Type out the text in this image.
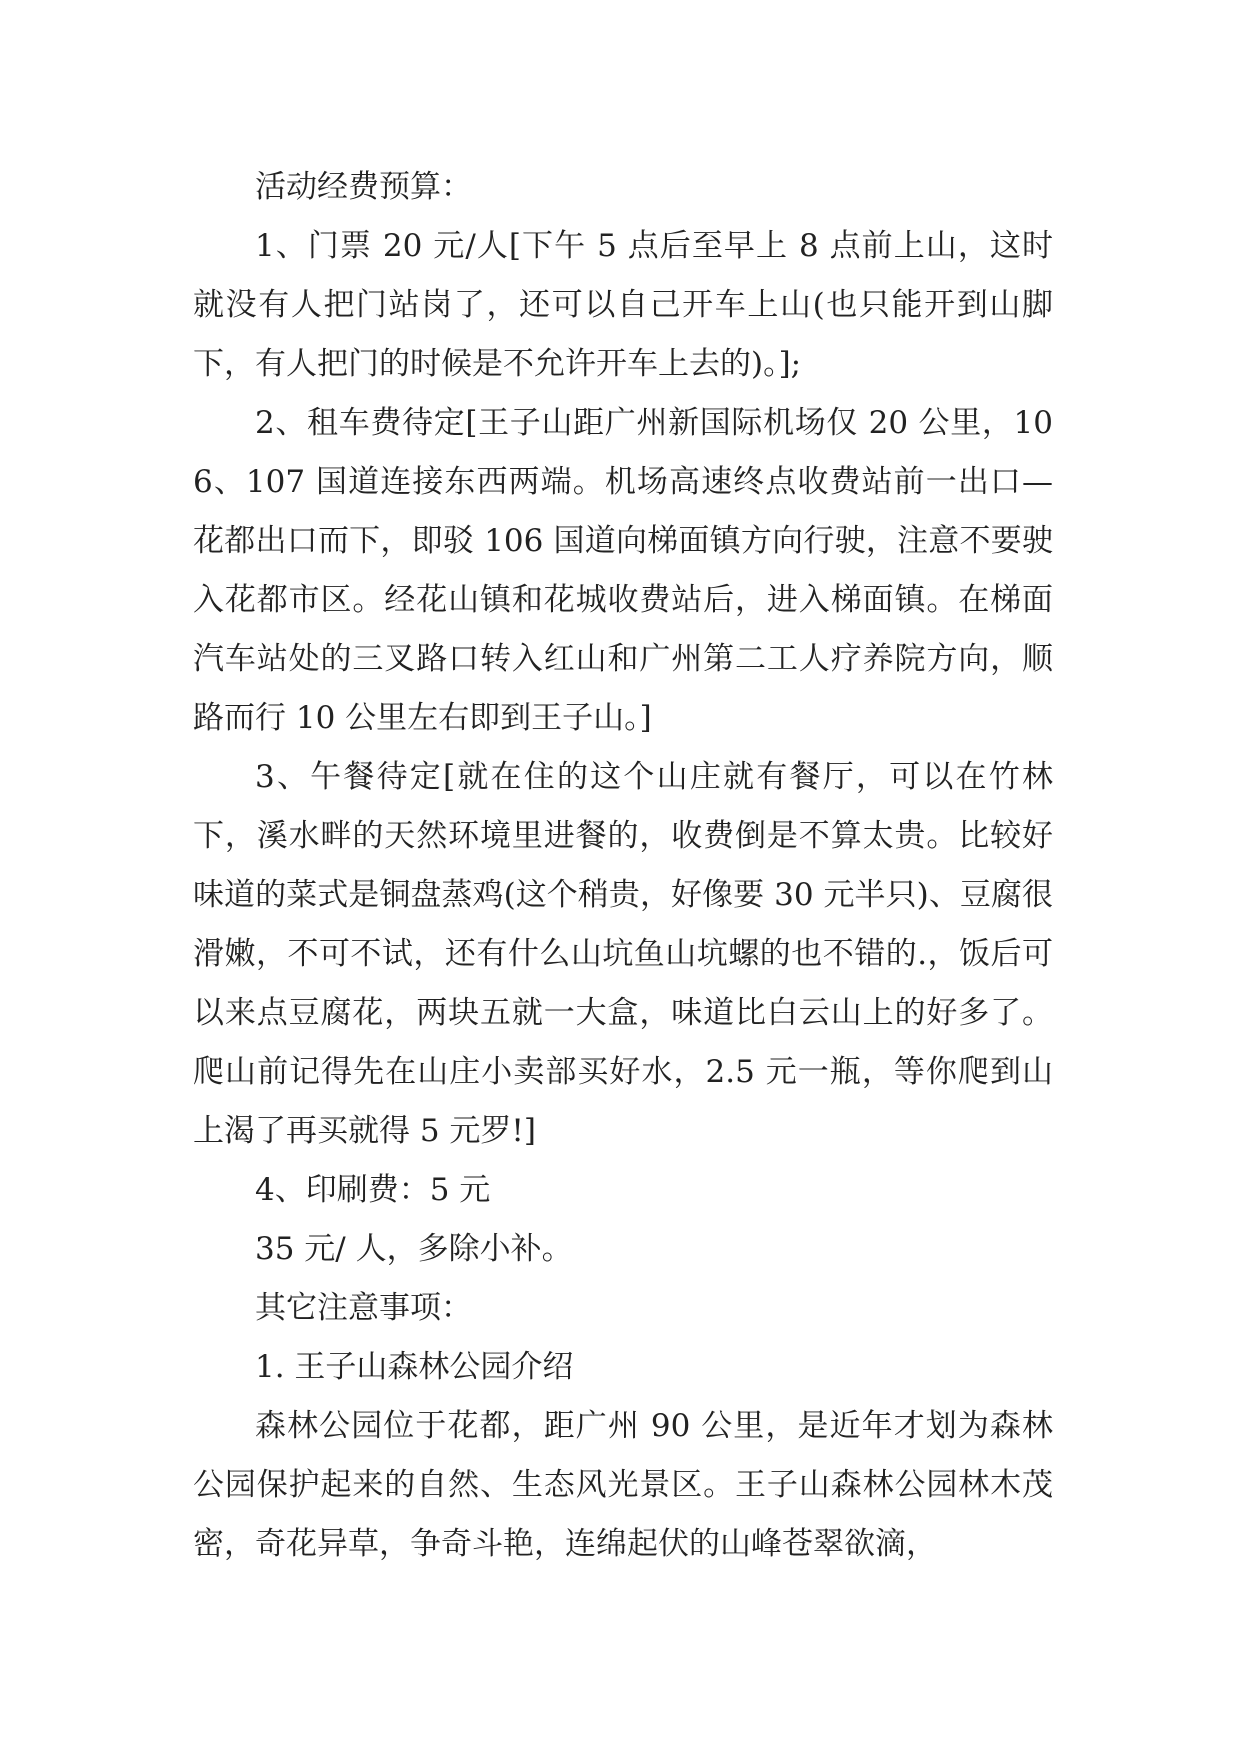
活动经费预算：

1、门票 20 元/人[下午 5 点后至早上 8 点前上山，这时就没有人把门站岗了，还可以自己开车上山(也只能开到山脚下，有人把门的时候是不允许开车上去的)。];

2、租车费待定[王子山距广州新国际机场仅 20 公里，106、107 国道连接东西两端。机场高速终点收费站前一出口—花都出口而下，即驳 106 国道向梯面镇方向行驶，注意不要驶入花都市区。经花山镇和花城收费站后，进入梯面镇。在梯面汽车站处的三叉路口转入红山和广州第二工人疗养院方向，顺路而行 10 公里左右即到王子山。]

3、午餐待定[就在住的这个山庄就有餐厅，可以在竹林下，溪水畔的天然环境里进餐的，收费倒是不算太贵。比较好味道的菜式是铜盘蒸鸡(这个稍贵，好像要 30 元半只)、豆腐很滑嫩，不可不试，还有什么山坑鱼山坑螺的也不错的.，饭后可以来点豆腐花，两块五就一大盒，味道比白云山上的好多了。爬山前记得先在山庄小卖部买好水，2.5 元一瓶，等你爬到山上渴了再买就得 5 元罗!]

4、印刷费：5 元

35 元/ 人，多除小补。

其它注意事项：

1. 王子山森林公园介绍

森林公园位于花都，距广州 90 公里，是近年才划为森林公园保护起来的自然、生态风光景区。王子山森林公园林木茂密，奇花异草，争奇斗艳，连绵起伏的山峰苍翠欲滴，
